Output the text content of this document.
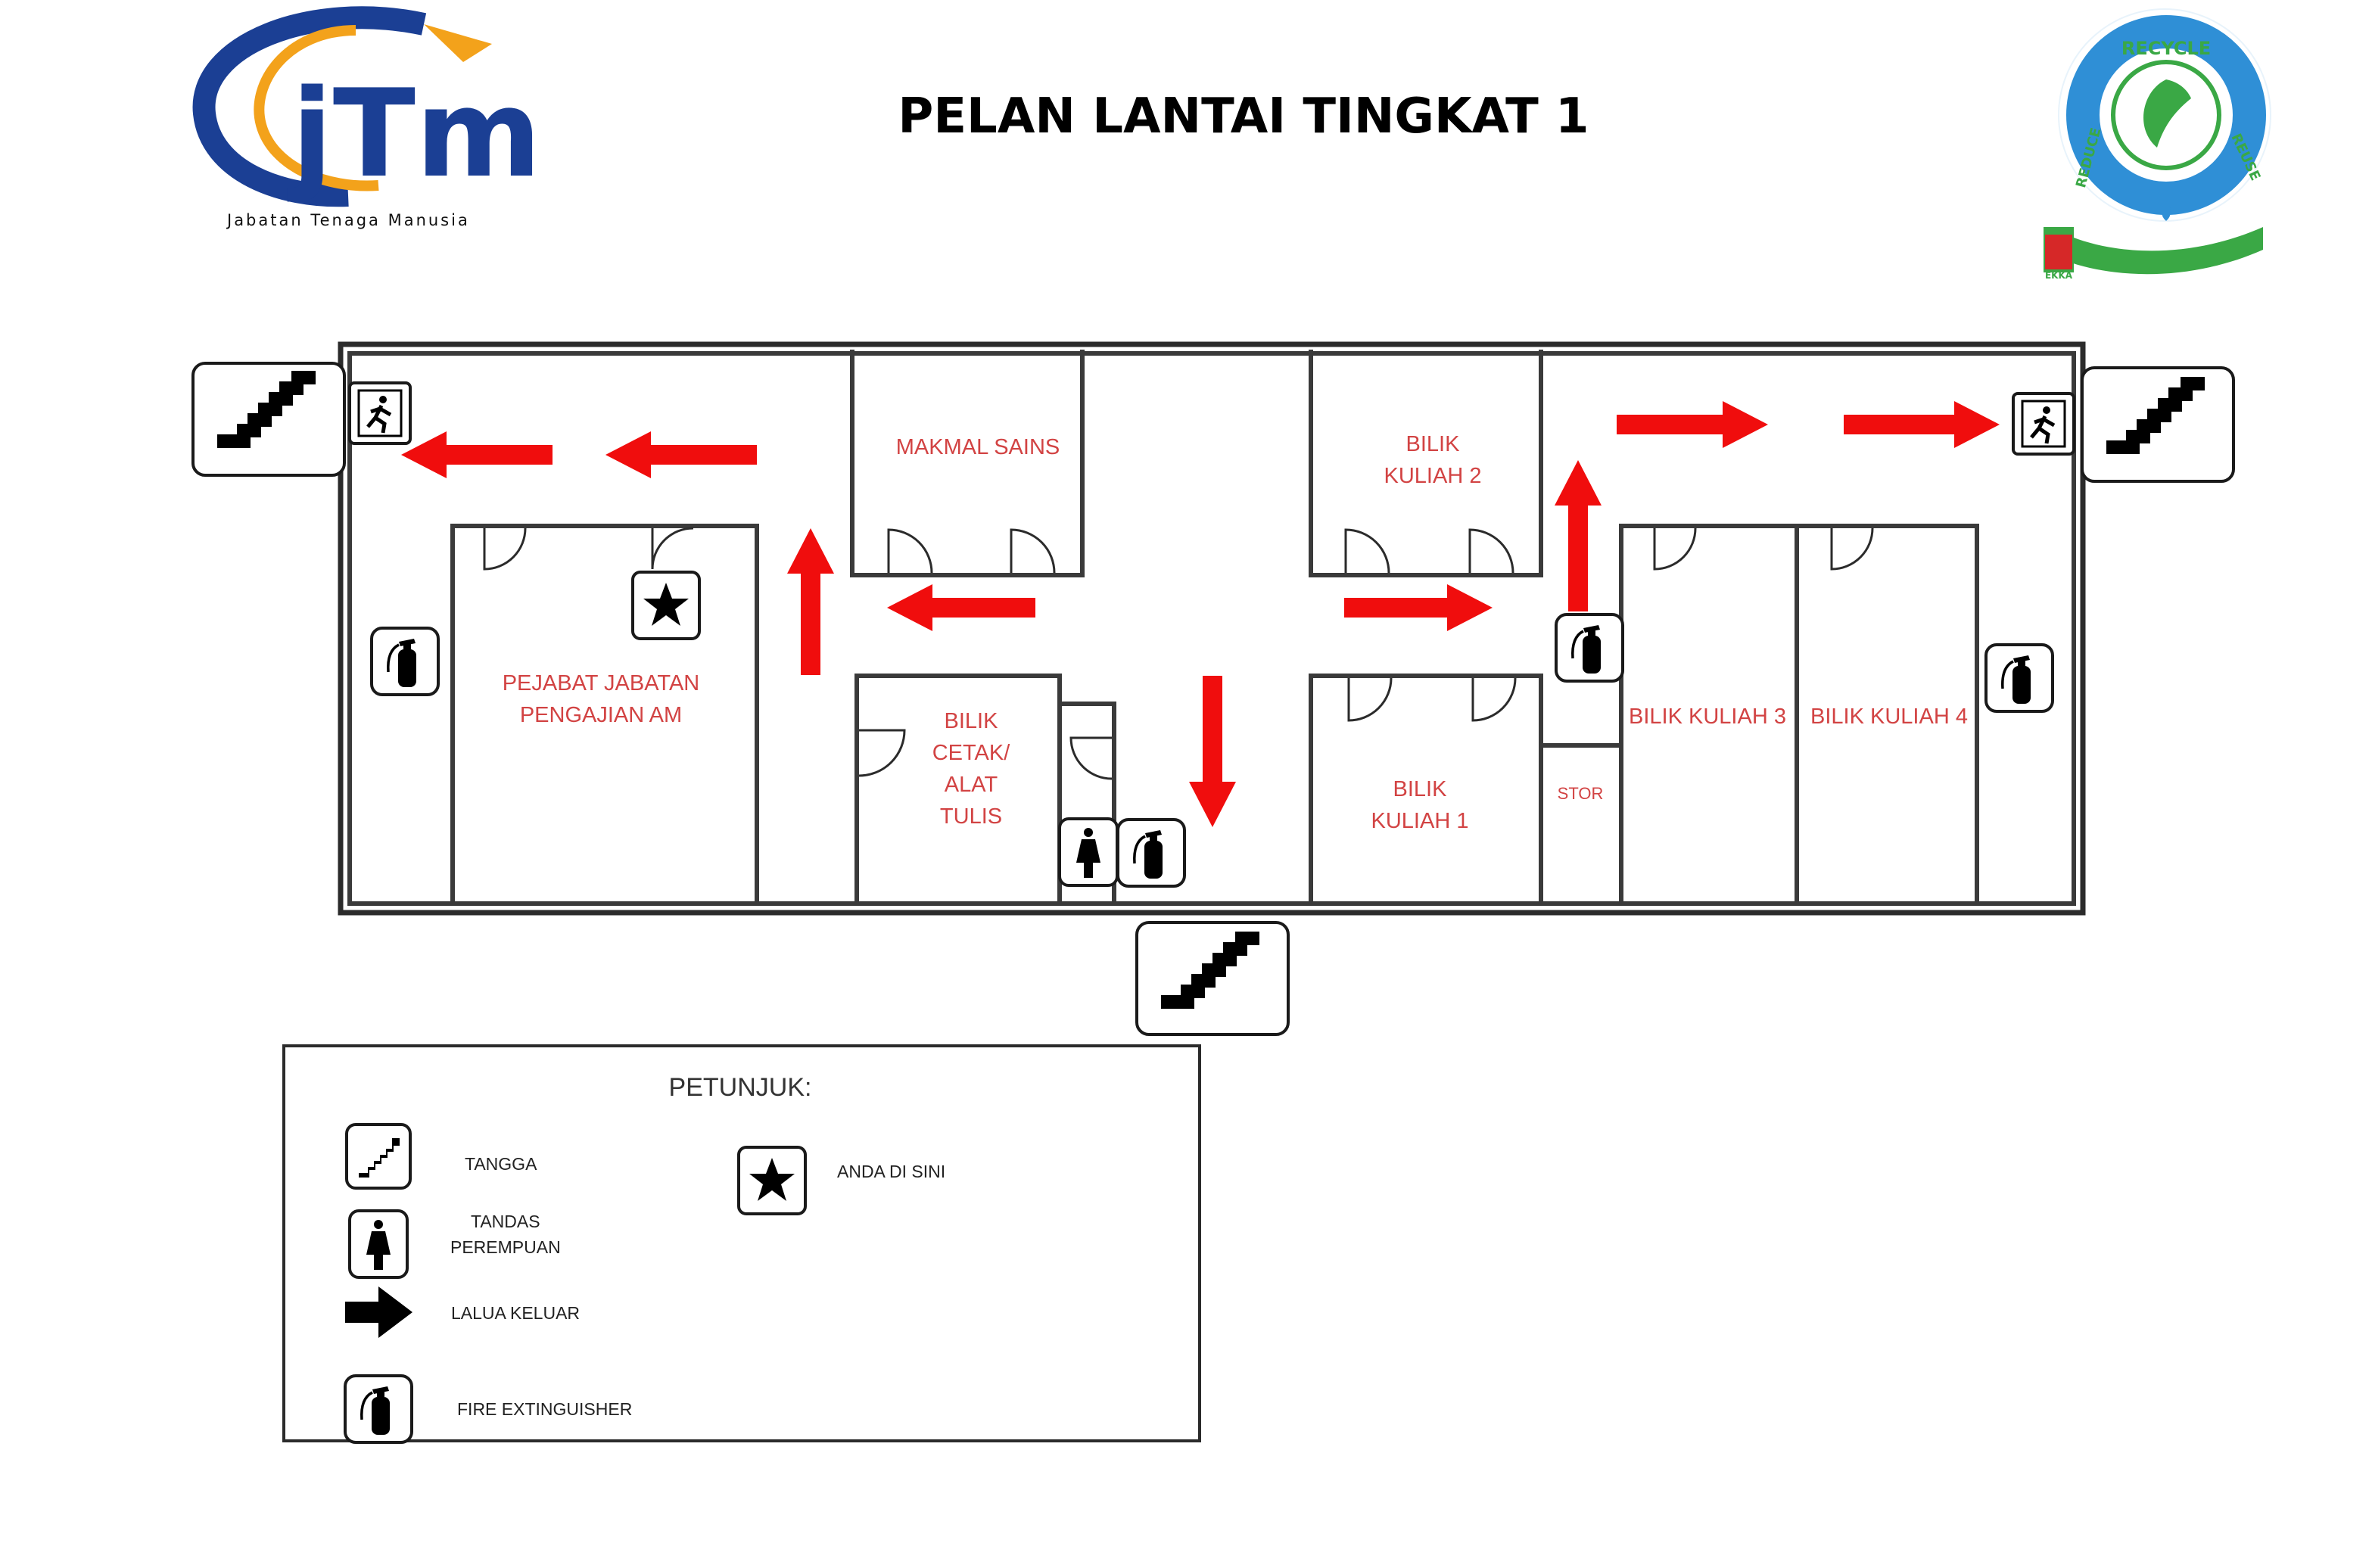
PELAN LANTAI TINGKAT 1
jTm
Jabatan Tenaga Manusia
RECYCLE
REDUCE	REUSE
EKKA
MAKMAL SAINS	BILIK
KULIAH 2
PEJABAT JABATAN
PENGAJIAN AM	BILIK
CETAK/
ALAT
TULIS
BILIK
KULIAH 1
STOR
BILIK KULIAH 3 BILIK KULIAH 4
PETUNJUK:
TANGGA
TANDAS
PEREMPUAN
LALUA KELUAR
FIRE EXTINGUISHER
ANDA DI SINI
